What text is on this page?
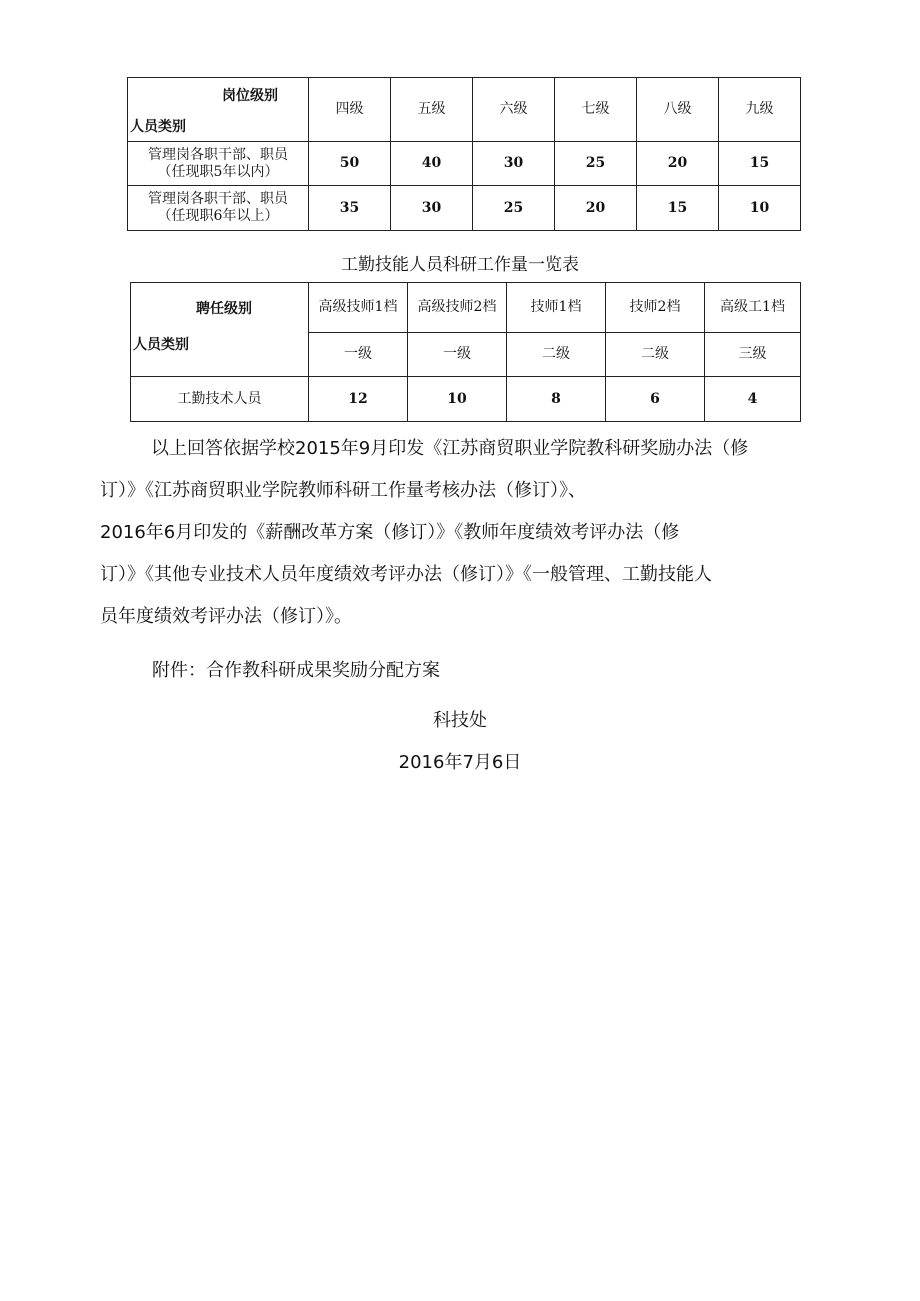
岗位级别
人员类别	四级	五级	六级	七级	八级	九级

管理岗各职干部、职员
（任现职5年以内）	50	40	30	25	20	15

管理岗各职干部、职员
（任现职6年以上）	35	30	25	20	15	10
工勤技能人员科研工作量一览表
聘任级别
人员类别	高级技师1档	高级技师2档	技师1档	技师2档	高级工1档
	一级	一级	二级	二级	三级
工勤技术人员	12	10	8	6	4

以上回答依据学校2015年9月印发《江苏商贸职业学院教科研奖励办法（修

订）》《江苏商贸职业学院教师科研工作量考核办法（修订）》、

2016年6月印发的《薪酬改革方案（修订）》《教师年度绩效考评办法（修

订）》《其他专业技术人员年度绩效考评办法（修订）》《一般管理、工勤技能人

员年度绩效考评办法（修订）》。

附件：合作教科研成果奖励分配方案
科技处
2016年7月6日
